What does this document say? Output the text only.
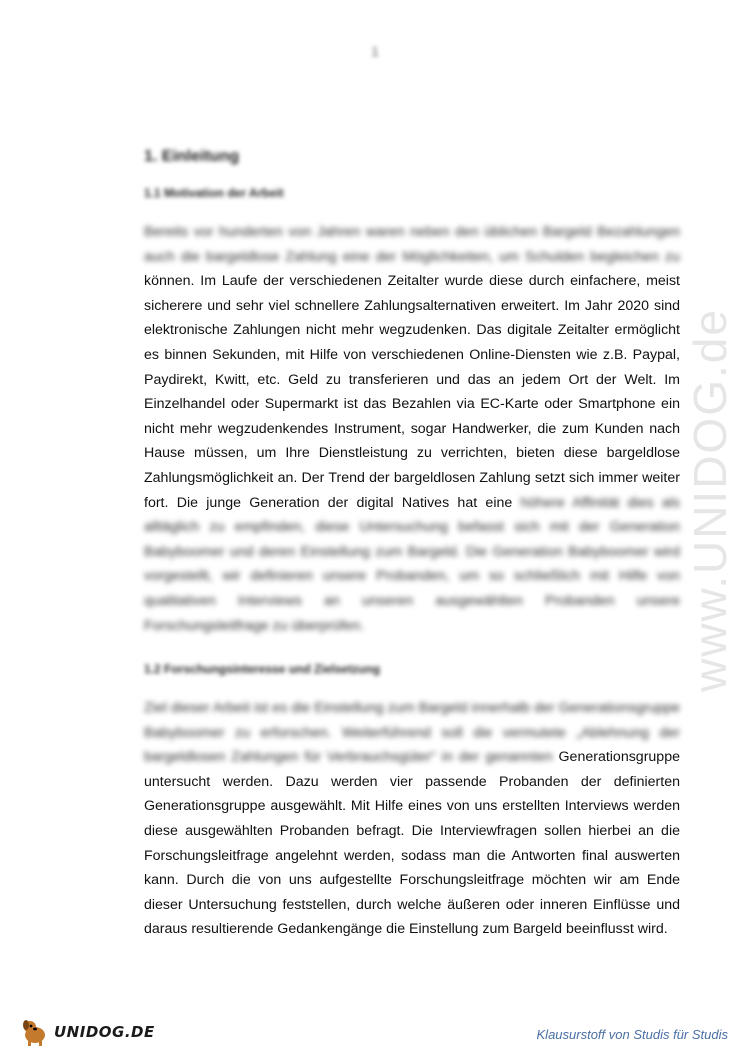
1
www.UNIDOG.de
1. Einleitung
1.1 Motivation der Arbeit

Bereits vor hunderten von Jahren waren neben den üblichen Bargeld Bezahlungen auch die bargeldlose Zahlung eine der Möglichkeiten, um Schulden begleichen zu können. Im Laufe der verschiedenen Zeitalter wurde diese durch einfachere, meist sicherere und sehr viel schnellere Zahlungsalternativen erweitert. Im Jahr 2020 sind elektronische Zahlungen nicht mehr wegzudenken. Das digitale Zeitalter ermöglicht es binnen Sekunden, mit Hilfe von verschiedenen Online-Diensten wie z.B. Paypal, Paydirekt, Kwitt, etc. Geld zu transferieren und das an jedem Ort der Welt. Im Einzelhandel oder Supermarkt ist das Bezahlen via EC-Karte oder Smartphone ein nicht mehr wegzudenkendes Instrument, sogar Handwerker, die zum Kunden nach Hause müssen, um Ihre Dienstleistung zu verrichten, bieten diese bargeldlose Zahlungsmöglichkeit an. Der Trend der bargeldlosen Zahlung setzt sich immer weiter fort. Die junge Generation der digital Natives hat eine höhere Affinität dies als alltäglich zu empfinden, diese Untersuchung befasst sich mit der Generation Babyboomer und deren Einstellung zum Bargeld. Die Generation Babyboomer wird vorgestellt, wir definieren unsere Probanden, um so schließlich mit Hilfe von qualitativen Interviews an unseren ausgewählten Probanden unsere Forschungsleitfrage zu überprüfen.

1.2 Forschungsinteresse und Zielsetzung

Ziel dieser Arbeit ist es die Einstellung zum Bargeld innerhalb der Generationsgruppe Babyboomer zu erforschen. Weiterführend soll die vermutete „Ablehnung der bargeldlosen Zahlungen für Verbrauchsgüter“ in der genannten Generationsgruppe untersucht werden. Dazu werden vier passende Probanden der definierten Generationsgruppe ausgewählt. Mit Hilfe eines von uns erstellten Interviews werden diese ausgewählten Probanden befragt. Die Interviewfragen sollen hierbei an die Forschungsleitfrage angelehnt werden, sodass man die Antworten final auswerten kann. Durch die von uns aufgestellte Forschungsleitfrage möchten wir am Ende dieser Untersuchung feststellen, durch welche äußeren oder inneren Einflüsse und daraus resultierende Gedankengänge die Einstellung zum Bargeld beeinflusst wird.

UNIDOG.DE	Klausurstoff von Studis für Studis
